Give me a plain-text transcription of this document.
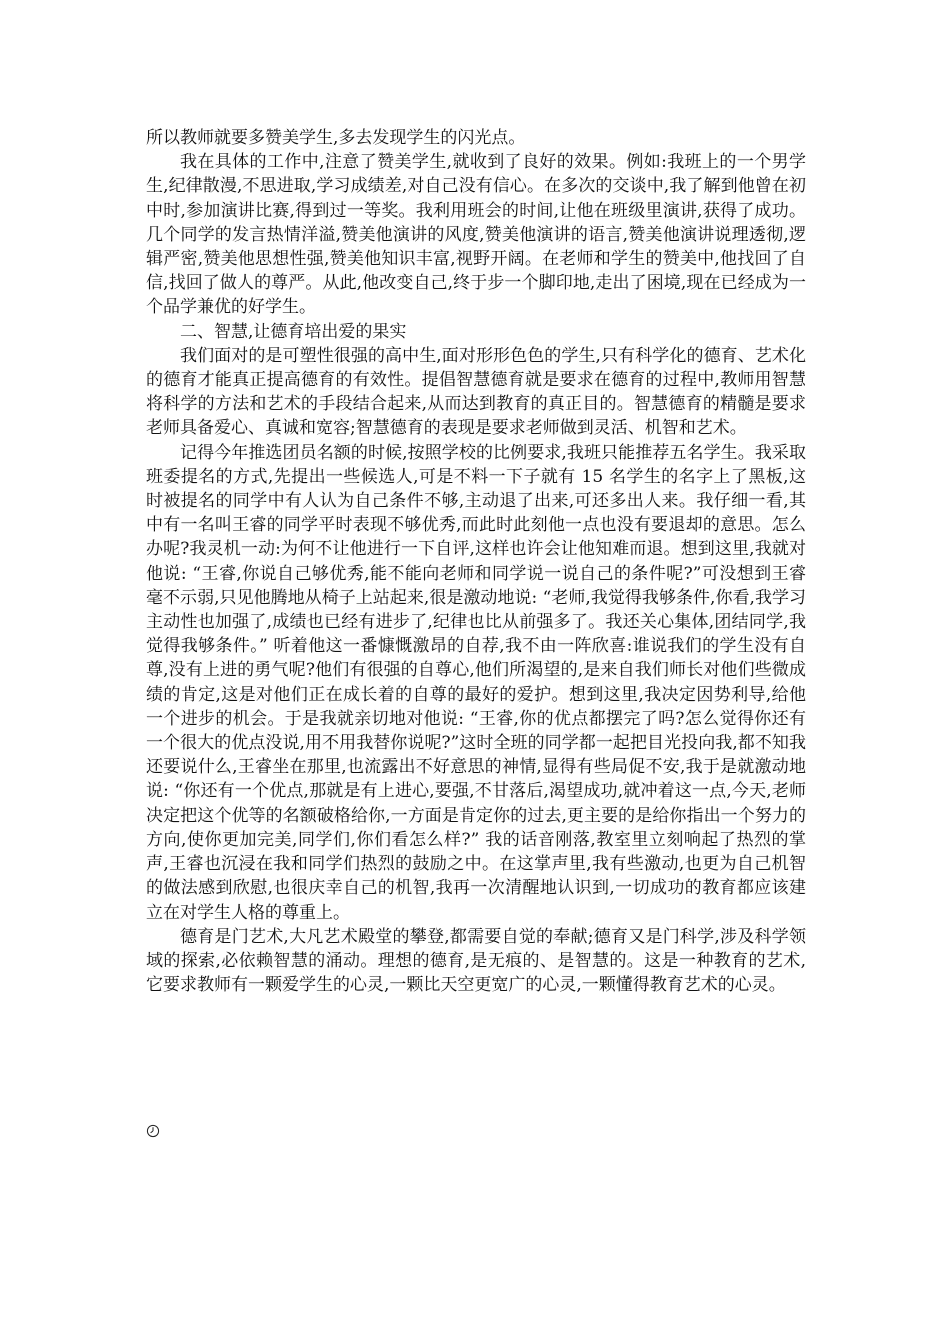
所以教师就要多赞美学生,多去发现学生的闪光点。

我在具体的工作中,注意了赞美学生,就收到了良好的效果。例如:我班上的一个男学生,纪律散漫,不思进取,学习成绩差,对自己没有信心。在多次的交谈中,我了解到他曾在初中时,参加演讲比赛,得到过一等奖。我利用班会的时间,让他在班级里演讲,获得了成功。几个同学的发言热情洋溢,赞美他演讲的风度,赞美他演讲的语言,赞美他演讲说理透彻,逻辑严密,赞美他思想性强,赞美他知识丰富,视野开阔。在老师和学生的赞美中,他找回了自信,找回了做人的尊严。从此,他改变自己,终于步一个脚印地,走出了困境,现在已经成为一个品学兼优的好学生。

二、智慧,让德育培出爱的果实

我们面对的是可塑性很强的高中生,面对形形色色的学生,只有科学化的德育、艺术化的德育才能真正提高德育的有效性。提倡智慧德育就是要求在德育的过程中,教师用智慧将科学的方法和艺术的手段结合起来,从而达到教育的真正目的。智慧德育的精髓是要求老师具备爱心、真诚和宽容;智慧德育的表现是要求老师做到灵活、机智和艺术。

记得今年推选团员名额的时候,按照学校的比例要求,我班只能推荐五名学生。我采取班委提名的方式,先提出一些候选人,可是不料一下子就有 15 名学生的名字上了黑板,这时被提名的同学中有人认为自己条件不够,主动退了出来,可还多出人来。我仔细一看,其中有一名叫王睿的同学平时表现不够优秀,而此时此刻他一点也没有要退却的意思。怎么办呢?我灵机一动:为何不让他进行一下自评,这样也许会让他知难而退。想到这里,我就对他说: “王睿,你说自己够优秀,能不能向老师和同学说一说自己的条件呢?”可没想到王睿毫不示弱,只见他腾地从椅子上站起来,很是激动地说: “老师,我觉得我够条件,你看,我学习主动性也加强了,成绩也已经有进步了,纪律也比从前强多了。我还关心集体,团结同学,我觉得我够条件。” 听着他这一番慷慨激昂的自荐,我不由一阵欣喜:谁说我们的学生没有自尊,没有上进的勇气呢?他们有很强的自尊心,他们所渴望的,是来自我们师长对他们些微成绩的肯定,这是对他们正在成长着的自尊的最好的爱护。想到这里,我决定因势利导,给他一个进步的机会。于是我就亲切地对他说: “王睿,你的优点都摆完了吗?怎么觉得你还有一个很大的优点没说,用不用我替你说呢?”这时全班的同学都一起把目光投向我,都不知我还要说什么,王睿坐在那里,也流露出不好意思的神情,显得有些局促不安,我于是就激动地说: “你还有一个优点,那就是有上进心,要强,不甘落后,渴望成功,就冲着这一点,今天,老师决定把这个优等的名额破格给你,一方面是肯定你的过去,更主要的是给你指出一个努力的方向,使你更加完美,同学们,你们看怎么样?” 我的话音刚落,教室里立刻响起了热烈的掌声,王睿也沉浸在我和同学们热烈的鼓励之中。在这掌声里,我有些激动,也更为自己机智的做法感到欣慰,也很庆幸自己的机智,我再一次清醒地认识到,一切成功的教育都应该建立在对学生人格的尊重上。

德育是门艺术,大凡艺术殿堂的攀登,都需要自觉的奉献;德育又是门科学,涉及科学领域的探索,必依赖智慧的涌动。理想的德育,是无痕的、是智慧的。这是一种教育的艺术,它要求教师有一颗爱学生的心灵,一颗比天空更宽广的心灵,一颗懂得教育艺术的心灵。
